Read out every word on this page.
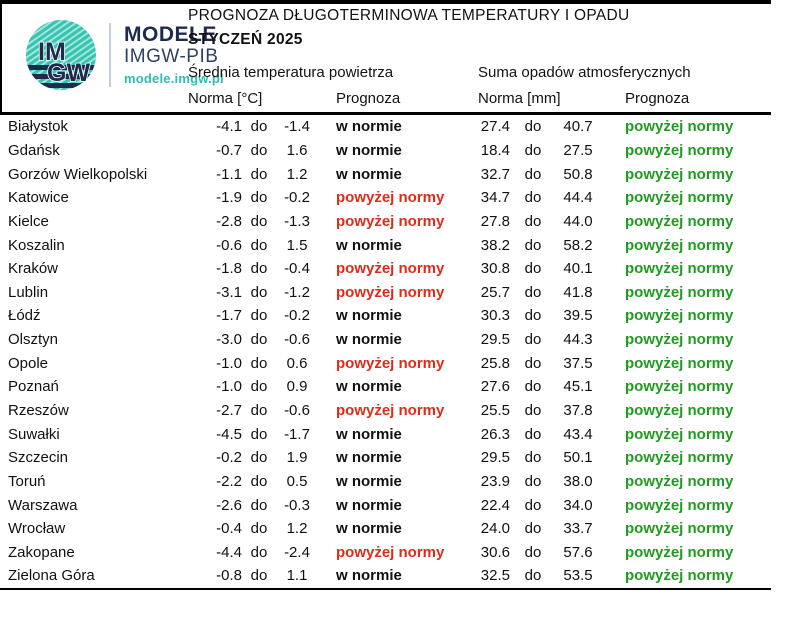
IM
GW
MODELE
IMGW-PIB
modele.imgw.pl
PROGNOZA DŁUGOTERMINOWA TEMPERATURY I OPADU
STYCZEŃ 2025
Średnia temperatura powietrza	Suma opadów atmosferycznych
Norma [°C]	Prognoza	Norma [mm]	Prognoza
Białystok	-4.1 do	-1.4	w normie	27.4 do	40.7	powyżej normy
Gdańsk	-0.7 do	1.6	w normie	18.4 do	27.5	powyżej normy
Gorzów Wielkopolski	-1.1 do	1.2	w normie	32.7 do	50.8	powyżej normy
Katowice	-1.9 do	-0.2	powyżej normy	34.7 do	44.4	powyżej normy
Kielce	-2.8 do	-1.3	powyżej normy	27.8 do	44.0	powyżej normy
Koszalin	-0.6 do	1.5	w normie	38.2 do	58.2	powyżej normy
Kraków	-1.8 do	-0.4	powyżej normy	30.8 do	40.1	powyżej normy
Lublin	-3.1 do	-1.2	powyżej normy	25.7 do	41.8	powyżej normy
Łódź	-1.7 do	-0.2	w normie	30.3 do	39.5	powyżej normy
Olsztyn	-3.0 do	-0.6	w normie	29.5 do	44.3	powyżej normy
Opole	-1.0 do	0.6	powyżej normy	25.8 do	37.5	powyżej normy
Poznań	-1.0 do	0.9	w normie	27.6 do	45.1	powyżej normy
Rzeszów	-2.7 do	-0.6	powyżej normy	25.5 do	37.8	powyżej normy
Suwałki	-4.5 do	-1.7	w normie	26.3 do	43.4	powyżej normy
Szczecin	-0.2 do	1.9	w normie	29.5 do	50.1	powyżej normy
Toruń	-2.2 do	0.5	w normie	23.9 do	38.0	powyżej normy
Warszawa	-2.6 do	-0.3	w normie	22.4 do	34.0	powyżej normy
Wrocław	-0.4 do	1.2	w normie	24.0 do	33.7	powyżej normy
Zakopane	-4.4 do	-2.4	powyżej normy	30.6 do	57.6	powyżej normy
Zielona Góra	-0.8 do	1.1	w normie	32.5 do	53.5	powyżej normy
